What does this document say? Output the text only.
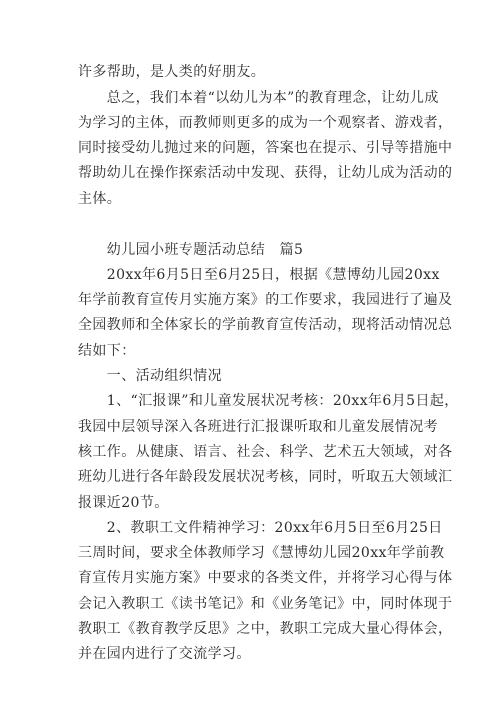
许多帮助，是人类的好朋友。
　　总之，我们本着“以幼儿为本”的教育理念，让幼儿成
为学习的主体，而教师则更多的成为一个观察者、游戏者，
同时接受幼儿抛过来的问题，答案也在提示、引导等措施中
帮助幼儿在操作探索活动中发现、获得，让幼儿成为活动的
主体。
　　幼儿园小班专题活动总结　篇5
　　20xx年6月5日至6月25日，根据《慧博幼儿园20xx
年学前教育宣传月实施方案》的工作要求，我园进行了遍及
全园教师和全体家长的学前教育宣传活动，现将活动情况总
结如下：
　　一、活动组织情况
　　1、“汇报课”和儿童发展状况考核：20xx年6月5日起，
我园中层领导深入各班进行汇报课听取和儿童发展情况考
核工作。从健康、语言、社会、科学、艺术五大领域，对各
班幼儿进行各年龄段发展状况考核，同时，听取五大领域汇
报课近20节。
　　2、教职工文件精神学习：20xx年6月5日至6月25日
三周时间，要求全体教师学习《慧博幼儿园20xx年学前教
育宣传月实施方案》中要求的各类文件，并将学习心得与体
会记入教职工《读书笔记》和《业务笔记》中，同时体现于
教职工《教育教学反思》之中，教职工完成大量心得体会，
并在园内进行了交流学习。
